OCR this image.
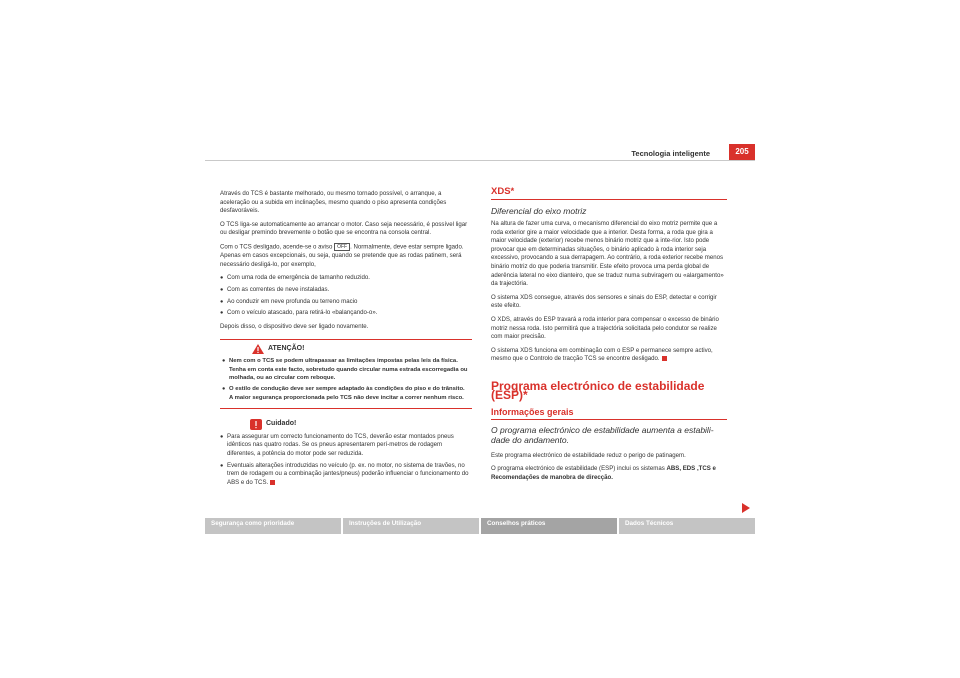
Tecnologia inteligente	205

Através do TCS é bastante melhorado, ou mesmo tornado possível, o arranque, a aceleração ou a subida em inclinações, mesmo quando o piso apresenta condições desfavoráveis.

O TCS liga-se automaticamente ao arrancar o motor. Caso seja necessário, é possível ligar ou desligar premindo brevemente o botão que se encontra na consola central.

Com o TCS desligado, acende-se o aviso OFF . Normalmente, deve estar sempre ligado. Apenas em casos excepcionais, ou seja, quando se pretende que as rodas patinem, será necessário desligá-lo, por exemplo,

● Com uma roda de emergência de tamanho reduzido.
● Com as correntes de neve instaladas.
● Ao conduzir em neve profunda ou terreno macio
● Com o veículo atascado, para retirá-lo «balançando-o».

Depois disso, o dispositivo deve ser ligado novamente.

ATENÇÃO!
● Nem com o TCS se podem ultrapassar as limitações impostas pelas leis da física. Tenha em conta este facto, sobretudo quando circular numa estrada escorregadia ou molhada, ou ao circular com reboque.
● O estilo de condução deve ser sempre adaptado às condições do piso e do trânsito. A maior segurança proporcionada pelo TCS não deve incitar a correr nenhum risco.
Cuidado!
● Para assegurar um correcto funcionamento do TCS, deverão estar montados pneus idênticos nas quatro rodas. Se os pneus apresentarem perí-metros de rodagem diferentes, a potência do motor pode ser reduzida.
● Eventuais alterações introduzidas no veículo (p. ex. no motor, no sistema de travões, no trem de rodagem ou a combinação jantes/pneus) poderão influenciar o funcionamento do ABS e do TCS.
XDS*
Diferencial do eixo motriz

Na altura de fazer uma curva, o mecanismo diferencial do eixo motriz permite que a roda exterior gire a maior velocidade que a interior. Desta forma, a roda que gira a maior velocidade (exterior) recebe menos binário motriz que a inte-rior. Isto pode provocar que em determinadas situações, o binário aplicado à roda interior seja excessivo, provocando a sua derrapagem. Ao contrário, a roda exterior recebe menos binário motriz do que poderia transmitir. Este efeito provoca uma perda global de aderência lateral no eixo dianteiro, que se traduz numa subviragem ou «alargamento» da trajectória.

O sistema XDS consegue, através dos sensores e sinais do ESP, detectar e corrigir este efeito.

O XDS, através do ESP travará a roda interior para compensar o excesso de binário motriz nessa roda. Isto permitirá que a trajectória solicitada pelo condutor se realize com maior precisão.

O sistema XDS funciona em combinação com o ESP e permanece sempre activo, mesmo que o Controlo de tracção TCS se encontre desligado.

Programa electrónico de estabilidade (ESP)*
Informações gerais
O programa electrónico de estabilidade aumenta a estabili-dade do andamento.

Este programa electrónico de estabilidade reduz o perigo de patinagem.

O programa electrónico de estabilidade (ESP) inclui os sistemas ABS, EDS ,TCS e Recomendações de manobra de direcção.

Segurança como prioridade	Instruções de Utilização	Conselhos práticos	Dados Técnicos
